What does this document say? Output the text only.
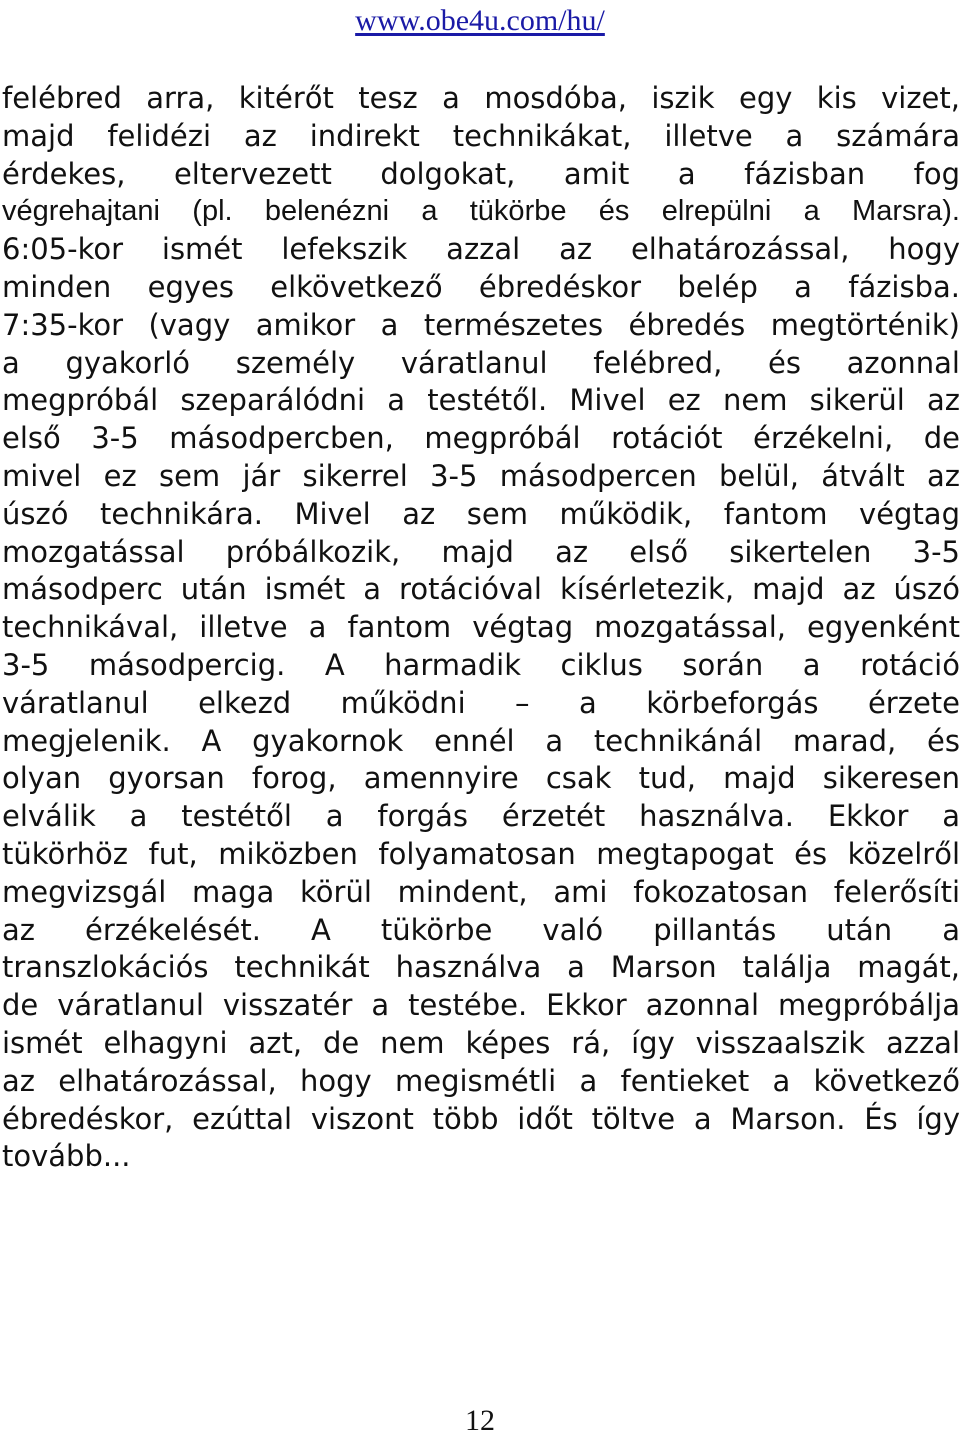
www.obe4u.com/hu/
felébred arra, kitérőt tesz a mosdóba, iszik egy kis vizet,
majd felidézi az indirekt technikákat, illetve a számára
érdekes, eltervezett dolgokat, amit a fázisban fog
végrehajtani (pl. belenézni a tükörbe és elrepülni a Marsra).
6:05-kor ismét lefekszik azzal az elhatározással, hogy
minden egyes elkövetkező ébredéskor belép a fázisba.
7:35-kor (vagy amikor a természetes ébredés megtörténik)
a gyakorló személy váratlanul felébred, és azonnal
megpróbál szeparálódni a testétől. Mivel ez nem sikerül az
első 3-5 másodpercben, megpróbál rotációt érzékelni, de
mivel ez sem jár sikerrel 3-5 másodpercen belül, átvált az
úszó technikára. Mivel az sem működik, fantom végtag
mozgatással próbálkozik, majd az első sikertelen 3-5
másodperc után ismét a rotációval kísérletezik, majd az úszó
technikával, illetve a fantom végtag mozgatással, egyenként
3-5 másodpercig. A harmadik ciklus során a rotáció
váratlanul elkezd működni – a körbeforgás érzete
megjelenik. A gyakornok ennél a technikánál marad, és
olyan gyorsan forog, amennyire csak tud, majd sikeresen
elválik a testétől a forgás érzetét használva. Ekkor a
tükörhöz fut, miközben folyamatosan megtapogat és közelről
megvizsgál maga körül mindent, ami fokozatosan felerősíti
az érzékelését. A tükörbe való pillantás után a
transzlokációs technikát használva a Marson találja magát,
de váratlanul visszatér a testébe. Ekkor azonnal megpróbálja
ismét elhagyni azt, de nem képes rá, így visszaalszik azzal
az elhatározással, hogy megismétli a fentieket a következő
ébredéskor, ezúttal viszont több időt töltve a Marson. És így
tovább...
12
